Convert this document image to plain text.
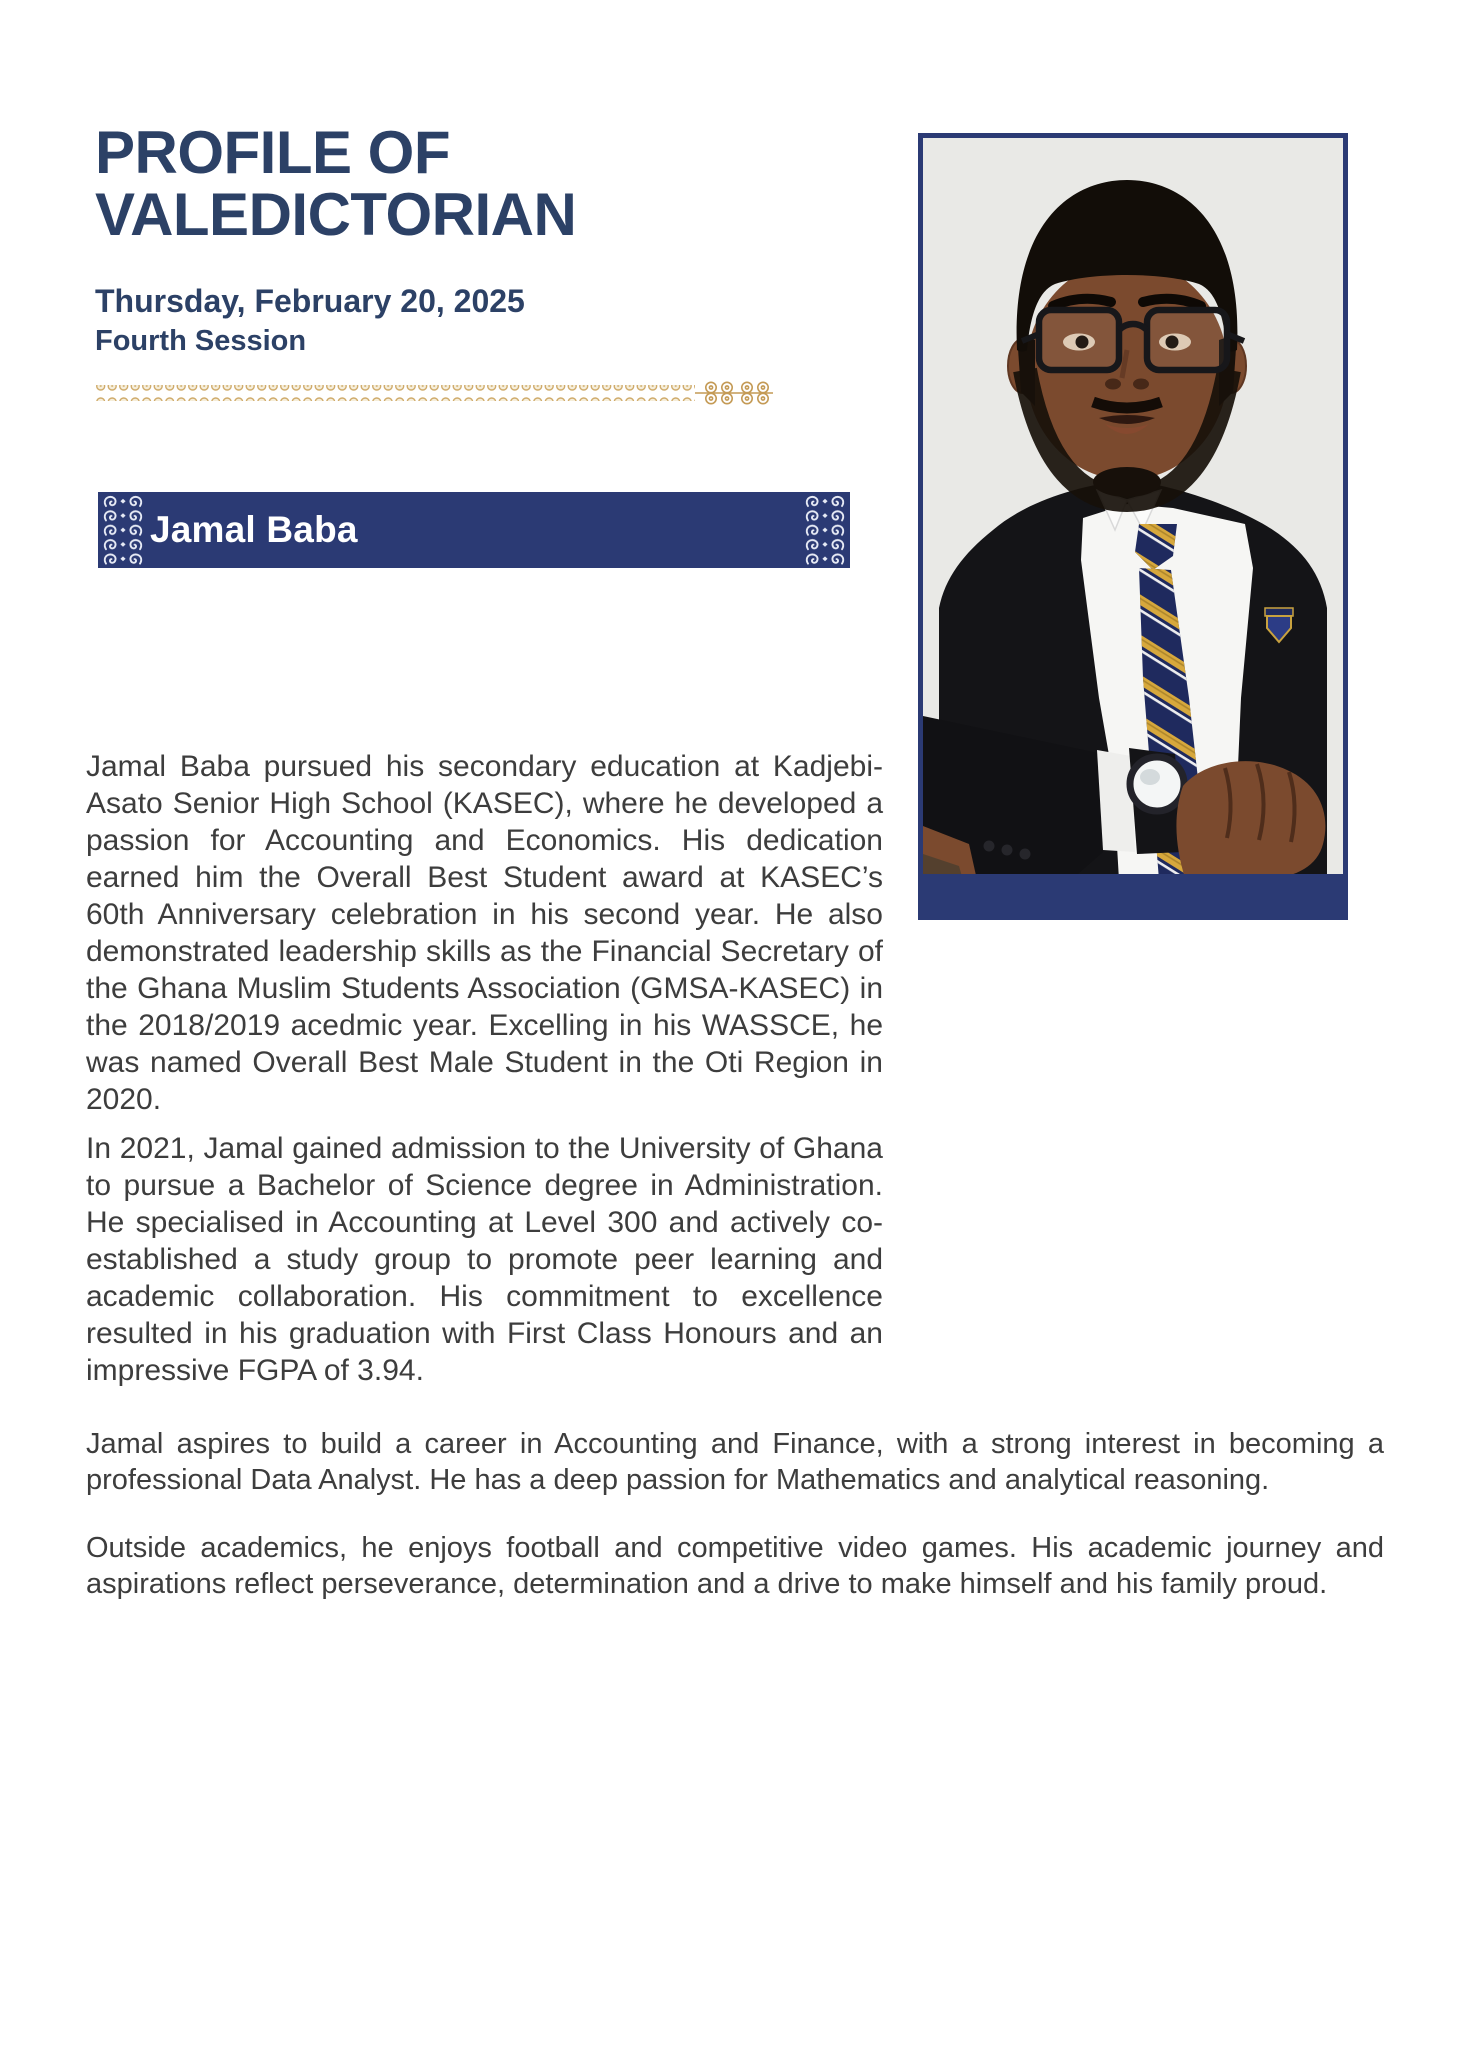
PROFILE OF
VALEDICTORIAN
Thursday, February 20, 2025
Fourth Session
Jamal Baba

Jamal Baba pursued his secondary education at Kadjebi-Asato Senior High School (KASEC), where he developed a passion for Accounting and Economics. His dedication earned him the Overall Best Student award at KASEC’s 60th Anniversary celebration in his second year. He also demonstrated leadership skills as the Financial Secretary of the Ghana Muslim Students Association (GMSA-KASEC) in the 2018/2019 acedmic year. Excelling in his WASSCE, he was named Overall Best Male Student in the Oti Region in 2020.

In 2021, Jamal gained admission to the University of Ghana to pursue a Bachelor of Science degree in Administration. He specialised in Accounting at Level 300 and actively co-established a study group to promote peer learning and academic collaboration. His commitment to excellence resulted in his graduation with First Class Honours and an impressive FGPA of 3.94.

Jamal aspires to build a career in Accounting and Finance, with a strong interest in becoming a professional Data Analyst. He has a deep passion for Mathematics and analytical reasoning.

Outside academics, he enjoys football and competitive video games. His academic journey and aspirations reflect perseverance, determination and a drive to make himself and his family proud.
